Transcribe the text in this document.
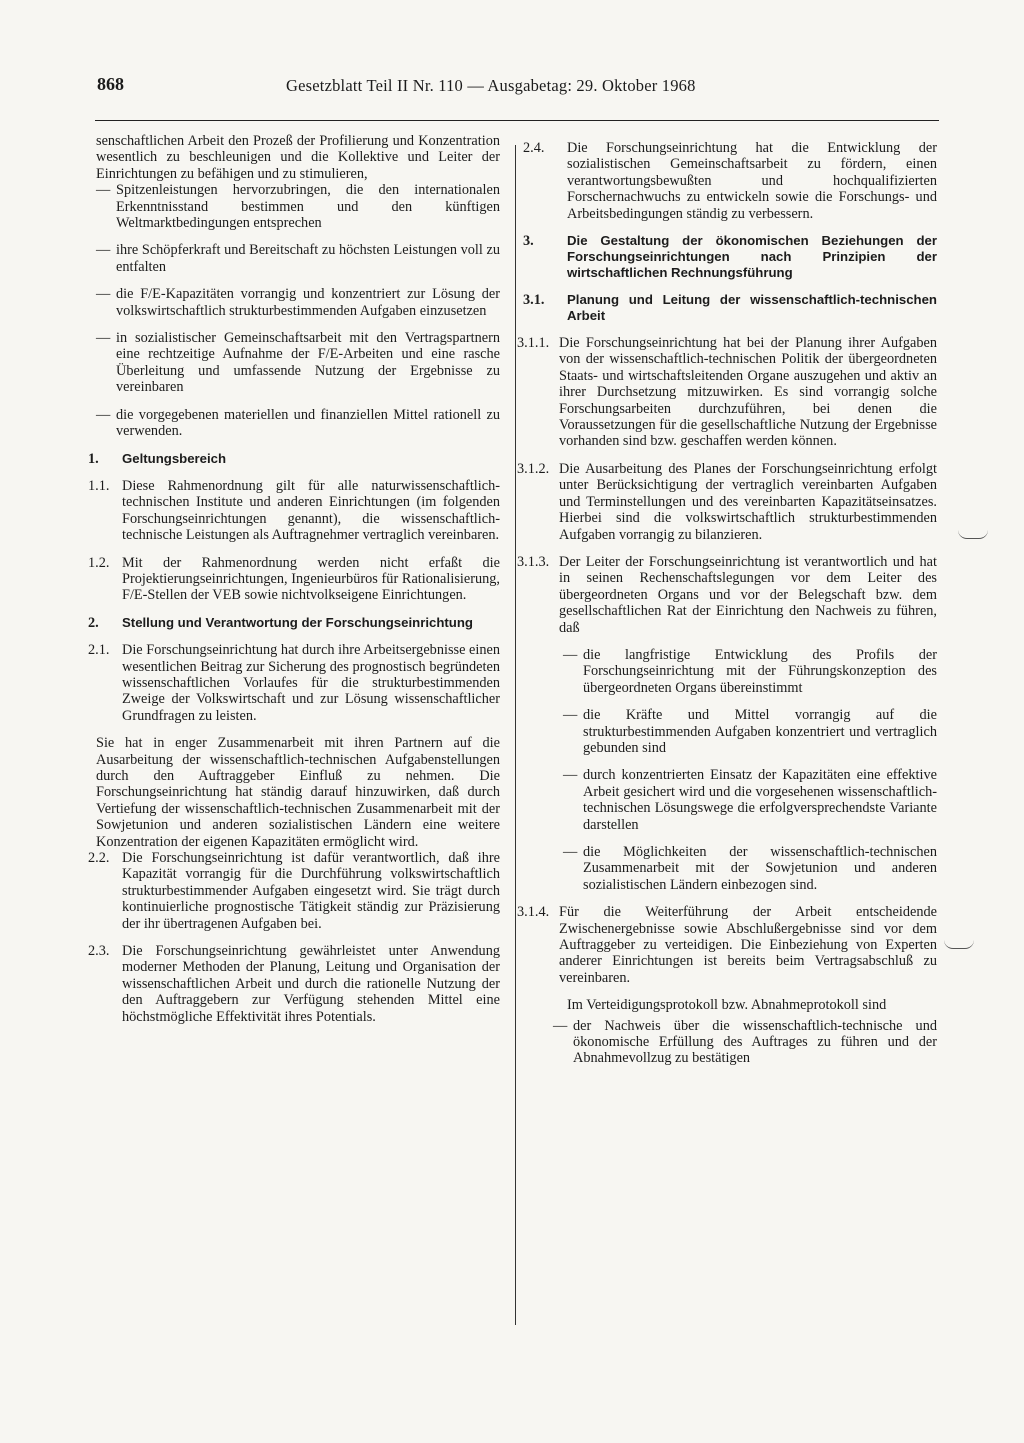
868	Gesetzblatt Teil II Nr. 110 — Ausgabetag: 29. Oktober 1968

senschaftlichen Arbeit den Prozeß der Profilierung und Konzentration wesentlich zu beschleunigen und die Kollektive und Leiter der Einrichtungen zu befähigen und zu stimulieren,

— Spitzenleistungen hervorzubringen, die den internationalen Erkenntnisstand bestimmen und den künftigen Weltmarktbedingungen entsprechen
— ihre Schöpferkraft und Bereitschaft zu höchsten Leistungen voll zu entfalten
— die F/E-Kapazitäten vorrangig und konzentriert zur Lösung der volkswirtschaftlich strukturbestimmenden Aufgaben einzusetzen
— in sozialistischer Gemeinschaftsarbeit mit den Vertragspartnern eine rechtzeitige Aufnahme der F/E-Arbeiten und eine rasche Überleitung und umfassende Nutzung der Ergebnisse zu vereinbaren
— die vorgegebenen materiellen und finanziellen Mittel rationell zu verwenden.
1.	Geltungsbereich
1.1. Diese Rahmenordnung gilt für alle naturwissenschaftlich-technischen Institute und anderen Einrichtungen (im folgenden Forschungseinrichtungen genannt), die wissenschaftlich-technische Leistungen als Auftragnehmer vertraglich vereinbaren.
1.2. Mit der Rahmenordnung werden nicht erfaßt die Projektierungseinrichtungen, Ingenieurbüros für Rationalisierung, F/E-Stellen der VEB sowie nichtvolkseigene Einrichtungen.
2.	Stellung und Verantwortung der Forschungseinrichtung
2.1. Die Forschungseinrichtung hat durch ihre Arbeitsergebnisse einen wesentlichen Beitrag zur Sicherung des prognostisch begründeten wissenschaftlichen Vorlaufes für die strukturbestimmenden Zweige der Volkswirtschaft und zur Lösung wissenschaftlicher Grundfragen zu leisten.

Sie hat in enger Zusammenarbeit mit ihren Partnern auf die Ausarbeitung der wissenschaftlich-technischen Aufgabenstellungen durch den Auftraggeber Einfluß zu nehmen. Die Forschungseinrichtung hat ständig darauf hinzuwirken, daß durch Vertiefung der wissenschaftlich-technischen Zusammenarbeit mit der Sowjetunion und anderen sozialistischen Ländern eine weitere Konzentration der eigenen Kapazitäten ermöglicht wird.

2.2. Die Forschungseinrichtung ist dafür verantwortlich, daß ihre Kapazität vorrangig für die Durchführung volkswirtschaftlich strukturbestimmender Aufgaben eingesetzt wird. Sie trägt durch kontinuierliche prognostische Tätigkeit ständig zur Präzisierung der ihr übertragenen Aufgaben bei.
2.3. Die Forschungseinrichtung gewährleistet unter Anwendung moderner Methoden der Planung, Leitung und Organisation der wissenschaftlichen Arbeit und durch die rationelle Nutzung der den Auftraggebern zur Verfügung stehenden Mittel eine höchstmögliche Effektivität ihres Potentials.
2.4.	Die Forschungseinrichtung hat die Entwicklung der sozialistischen Gemeinschaftsarbeit zu fördern, einen verantwortungsbewußten und hochqualifizierten Forschernachwuchs zu entwickeln sowie die Forschungs- und Arbeitsbedingungen ständig zu verbessern.
3.	Die Gestaltung der ökonomischen Beziehungen der Forschungseinrichtungen nach Prinzipien der wirtschaftlichen Rechnungsführung
3.1.	Planung und Leitung der wissenschaftlich-technischen Arbeit
3.1.1. Die Forschungseinrichtung hat bei der Planung ihrer Aufgaben von der wissenschaftlich-technischen Politik der übergeordneten Staats- und wirtschaftsleitenden Organe auszugehen und aktiv an ihrer Durchsetzung mitzuwirken. Es sind vorrangig solche Forschungsarbeiten durchzuführen, bei denen die Voraussetzungen für die gesellschaftliche Nutzung der Ergebnisse vorhanden sind bzw. geschaffen werden können.
3.1.2. Die Ausarbeitung des Planes der Forschungseinrichtung erfolgt unter Berücksichtigung der vertraglich vereinbarten Aufgaben und Terminstellungen und des vereinbarten Kapazitätseinsatzes. Hierbei sind die volkswirtschaftlich strukturbestimmenden Aufgaben vorrangig zu bilanzieren.
3.1.3. Der Leiter der Forschungseinrichtung ist verantwortlich und hat in seinen Rechenschaftslegungen vor dem Leiter des übergeordneten Organs und vor der Belegschaft bzw. dem gesellschaftlichen Rat der Einrichtung den Nachweis zu führen, daß
— die langfristige Entwicklung des Profils der Forschungseinrichtung mit der Führungskonzeption des übergeordneten Organs übereinstimmt
— die Kräfte und Mittel vorrangig auf die strukturbestimmenden Aufgaben konzentriert und vertraglich gebunden sind
— durch konzentrierten Einsatz der Kapazitäten eine effektive Arbeit gesichert wird und die vorgesehenen wissenschaftlich-technischen Lösungswege die erfolgversprechendste Variante darstellen
— die Möglichkeiten der wissenschaftlich-technischen Zusammenarbeit mit der Sowjetunion und anderen sozialistischen Ländern einbezogen sind.
3.1.4. Für die Weiterführung der Arbeit entscheidende Zwischenergebnisse sowie Abschlußergebnisse sind vor dem Auftraggeber zu verteidigen. Die Einbeziehung von Experten anderer Einrichtungen ist bereits beim Vertragsabschluß zu vereinbaren.

Im Verteidigungsprotokoll bzw. Abnahmeprotokoll sind

— der Nachweis über die wissenschaftlich-technische und ökonomische Erfüllung des Auftrages zu führen und der Abnahmevollzug zu bestätigen
